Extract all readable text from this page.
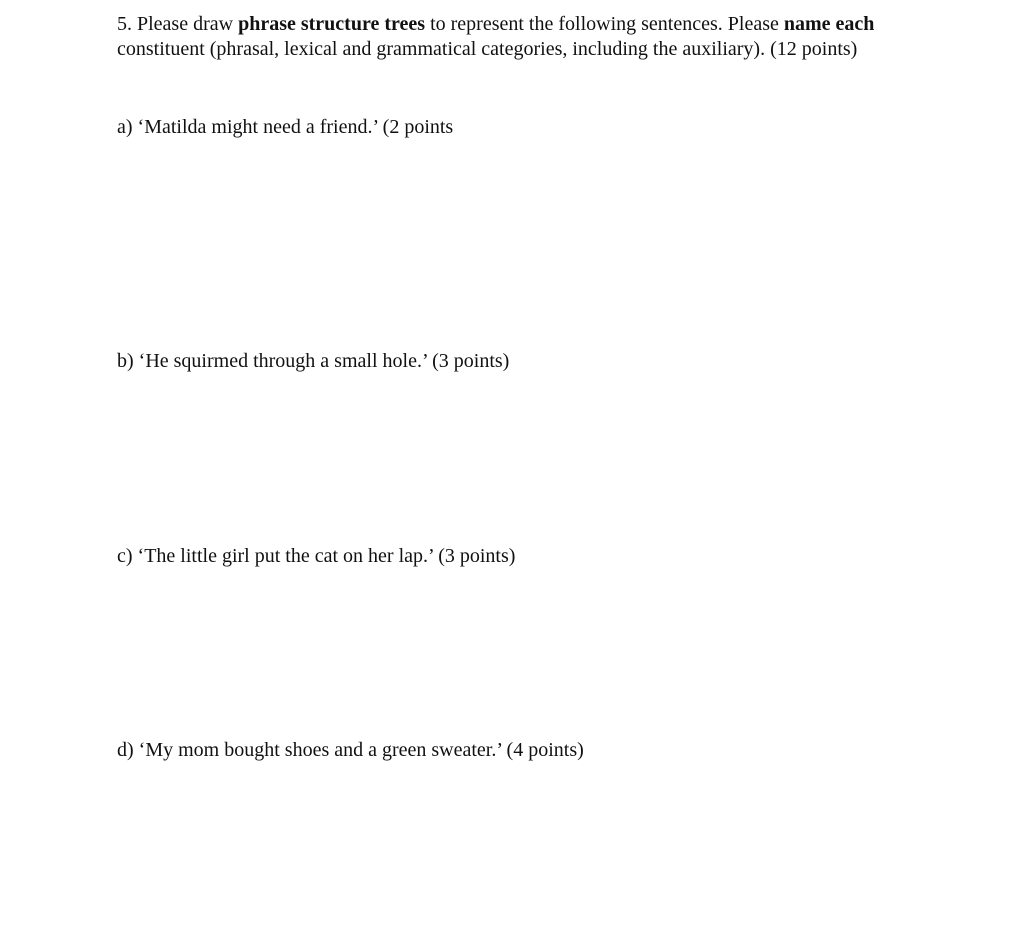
5. Please draw phrase structure trees to represent the following sentences. Please name each
constituent (phrasal, lexical and grammatical categories, including the auxiliary). (12 points)
a) ‘Matilda might need a friend.’ (2 points
b) ‘He squirmed through a small hole.’ (3 points)
c) ‘The little girl put the cat on her lap.’ (3 points)
d) ‘My mom bought shoes and a green sweater.’ (4 points)
